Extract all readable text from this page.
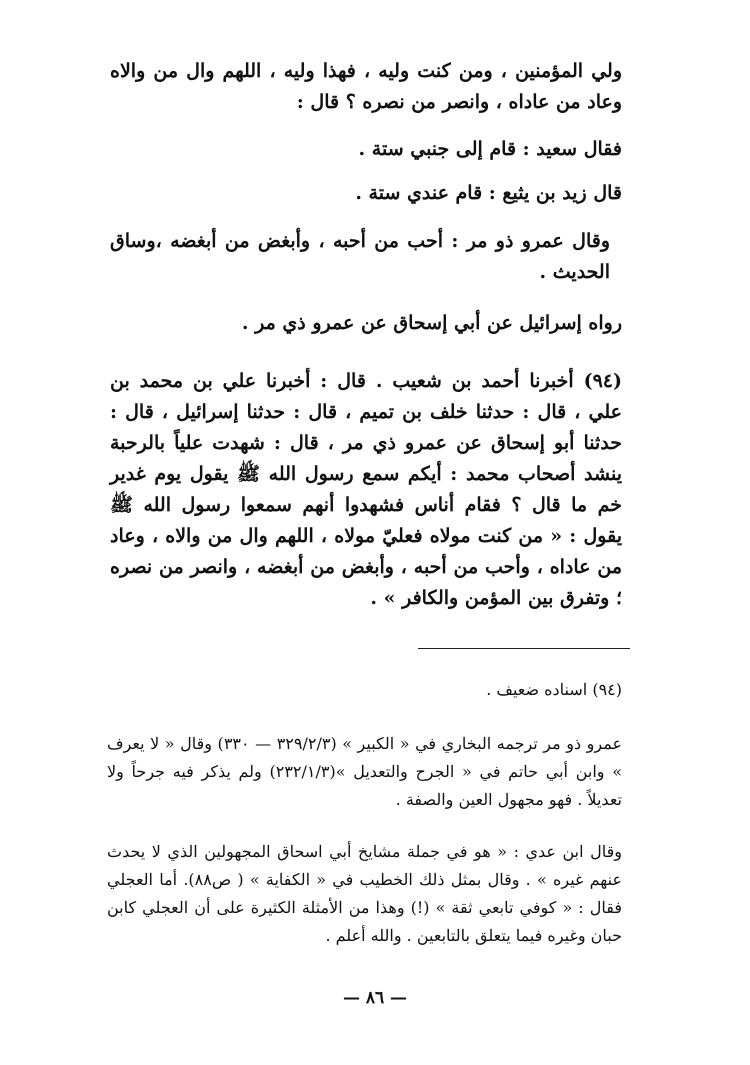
ولي المؤمنين ، ومن كنت وليه ، فهذا وليه ، اللهم وال من والاه وعاد من عاداه ، وانصر من نصره ؟ قال :

فقال سعيد : قام إلى جنبي ستة .

قال زيد بن يثيع : قام عندي ستة .

وقال عمرو ذو مر : أحب من أحبه ، وأبغض من أبغضه ،وساق الحديث .

رواه إسرائيل عن أبي إسحاق عن عمرو ذي مر .

(٩٤) أخبرنا أحمد بن شعيب . قال : أخبرنا علي بن محمد بن علي ، قال : حدثنا خلف بن تميم ، قال : حدثنا إسرائيل ، قال : حدثنا أبو إسحاق عن عمرو ذي مر ، قال : شهدت علياً بالرحبة ينشد أصحاب محمد : أيكم سمع رسول الله ﷺ يقول يوم غدير خم ما قال ؟ فقام أناس فشهدوا أنهم سمعوا رسول الله ﷺ يقول : « من كنت مولاه فعليّ مولاه ، اللهم وال من والاه ، وعاد من عاداه ، وأحب من أحبه ، وأبغض من أبغضه ، وانصر من نصره ؛ وتفرق بين المؤمن والكافر » .

(٩٤) اسناده ضعيف .

عمرو ذو مر ترجمه البخاري في « الكبير » (٣٢٩/٢/٣ — ٣٣٠) وقال « لا يعرف » وابن أبي حاتم في « الجرح والتعديل »(٢٣٢/١/٣) ولم يذكر فيه جرحاً ولا تعديلاً . فهو مجهول العين والصفة .

وقال ابن عدي : « هو في جملة مشايخ أبي اسحاق المجهولين الذي لا يحدث عنهم غيره » . وقال بمثل ذلك الخطيب في « الكفاية » ( ص٨٨). أما العجلي فقال : « كوفي تابعي ثقة » (!) وهذا من الأمثلة الكثيرة على أن العجلي كابن حبان وغيره فيما يتعلق بالتابعين . والله أعلم .

— ٨٦ —
